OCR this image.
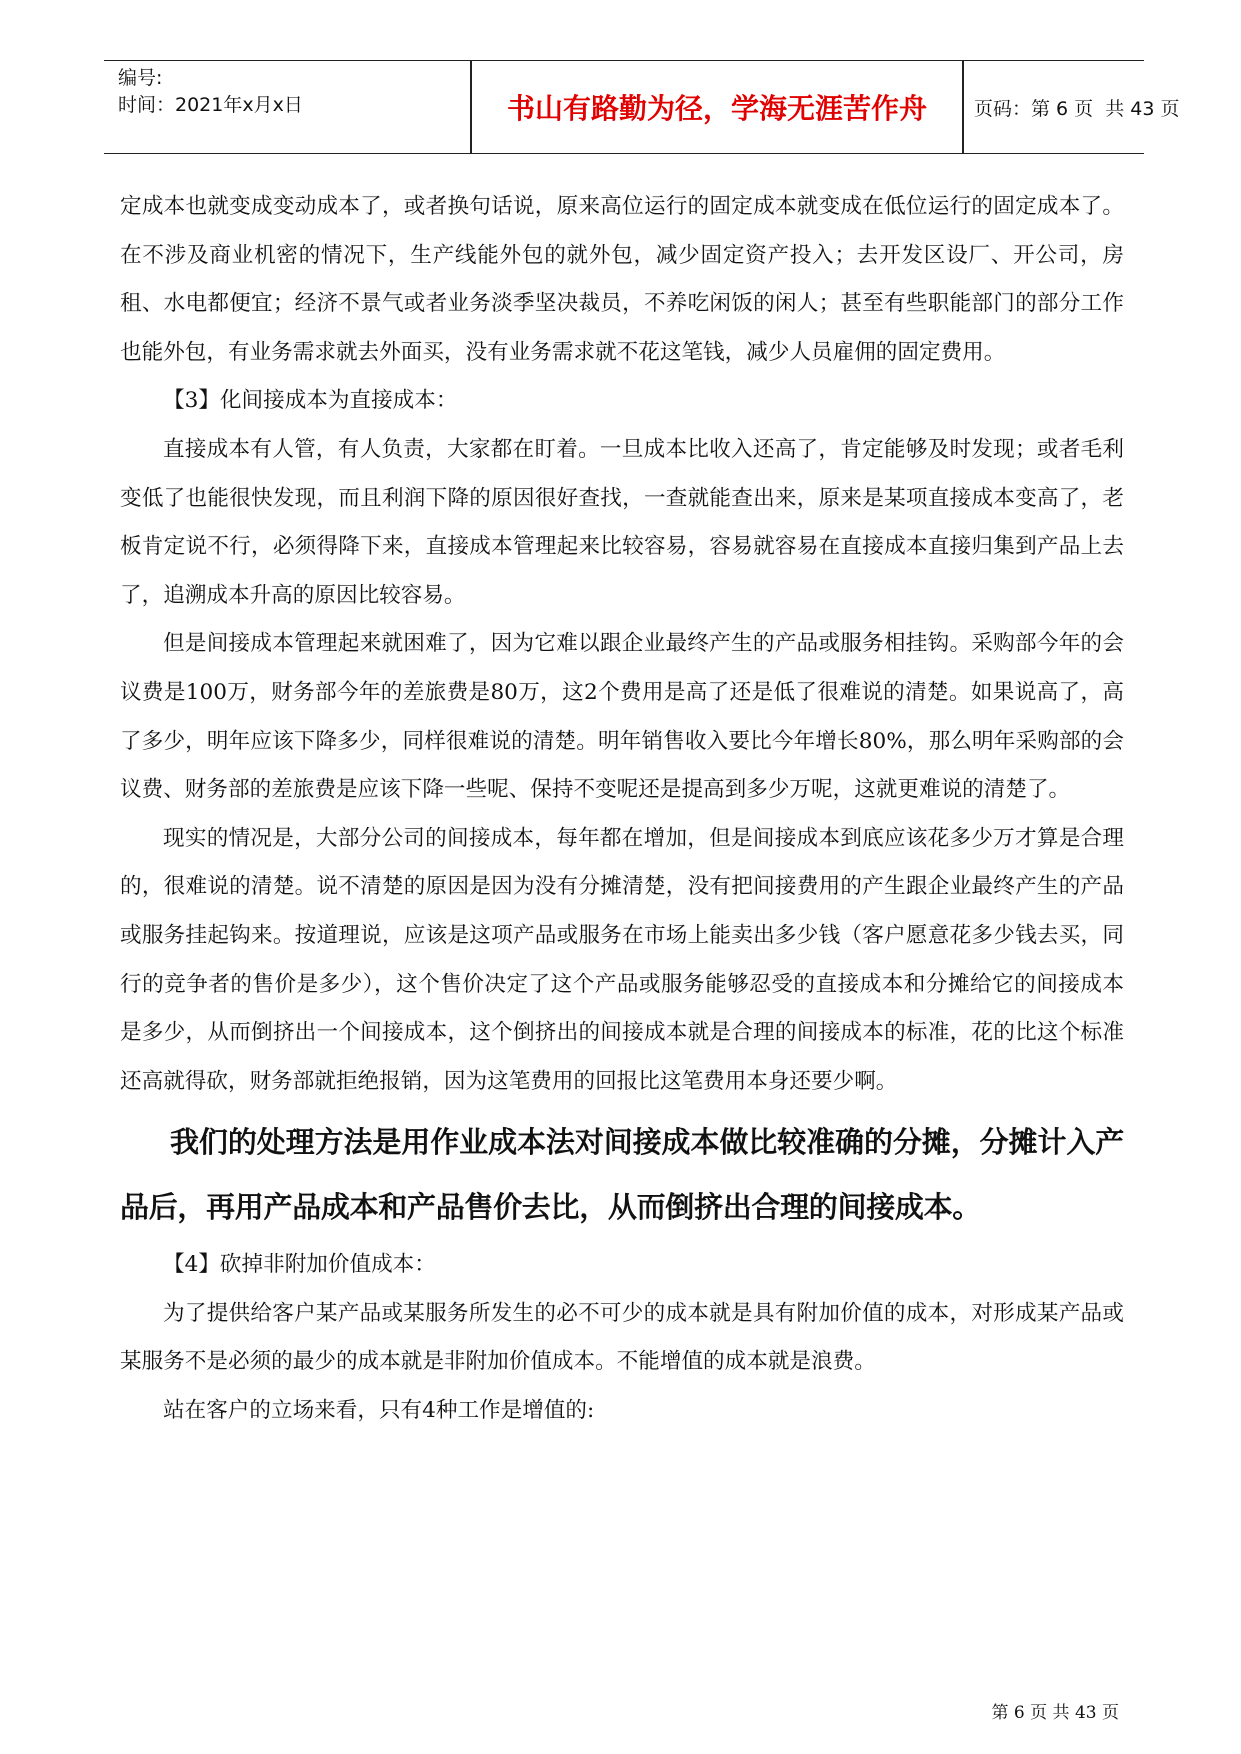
编号:
时间：2021年x月x日	书山有路勤为径，学海无涯苦作舟	页码：第 6 页  共 43 页

定成本也就变成变动成本了，或者换句话说，原来高位运行的固定成本就变成在低位运行的固定成本了。在不涉及商业机密的情况下，生产线能外包的就外包，减少固定资产投入；去开发区设厂、开公司，房租、水电都便宜；经济不景气或者业务淡季坚决裁员，不养吃闲饭的闲人；甚至有些职能部门的部分工作也能外包，有业务需求就去外面买，没有业务需求就不花这笔钱，减少人员雇佣的固定费用。

【3】化间接成本为直接成本：

直接成本有人管，有人负责，大家都在盯着。一旦成本比收入还高了，肯定能够及时发现；或者毛利变低了也能很快发现，而且利润下降的原因很好查找，一查就能查出来，原来是某项直接成本变高了，老板肯定说不行，必须得降下来，直接成本管理起来比较容易，容易就容易在直接成本直接归集到产品上去了，追溯成本升高的原因比较容易。

但是间接成本管理起来就困难了，因为它难以跟企业最终产生的产品或服务相挂钩。采购部今年的会议费是100万，财务部今年的差旅费是80万，这2个费用是高了还是低了很难说的清楚。如果说高了，高了多少，明年应该下降多少，同样很难说的清楚。明年销售收入要比今年增长80%，那么明年采购部的会议费、财务部的差旅费是应该下降一些呢、保持不变呢还是提高到多少万呢，这就更难说的清楚了。

现实的情况是，大部分公司的间接成本，每年都在增加，但是间接成本到底应该花多少万才算是合理的，很难说的清楚。说不清楚的原因是因为没有分摊清楚，没有把间接费用的产生跟企业最终产生的产品或服务挂起钩来。按道理说，应该是这项产品或服务在市场上能卖出多少钱（客户愿意花多少钱去买，同行的竞争者的售价是多少），这个售价决定了这个产品或服务能够忍受的直接成本和分摊给它的间接成本是多少，从而倒挤出一个间接成本，这个倒挤出的间接成本就是合理的间接成本的标准，花的比这个标准还高就得砍，财务部就拒绝报销，因为这笔费用的回报比这笔费用本身还要少啊。

我们的处理方法是用作业成本法对间接成本做比较准确的分摊，分摊计入产品后，再用产品成本和产品售价去比，从而倒挤出合理的间接成本。

【4】砍掉非附加价值成本：

为了提供给客户某产品或某服务所发生的必不可少的成本就是具有附加价值的成本，对形成某产品或某服务不是必须的最少的成本就是非附加价值成本。不能增值的成本就是浪费。

站在客户的立场来看，只有4种工作是增值的:

第 6 页 共 43 页
